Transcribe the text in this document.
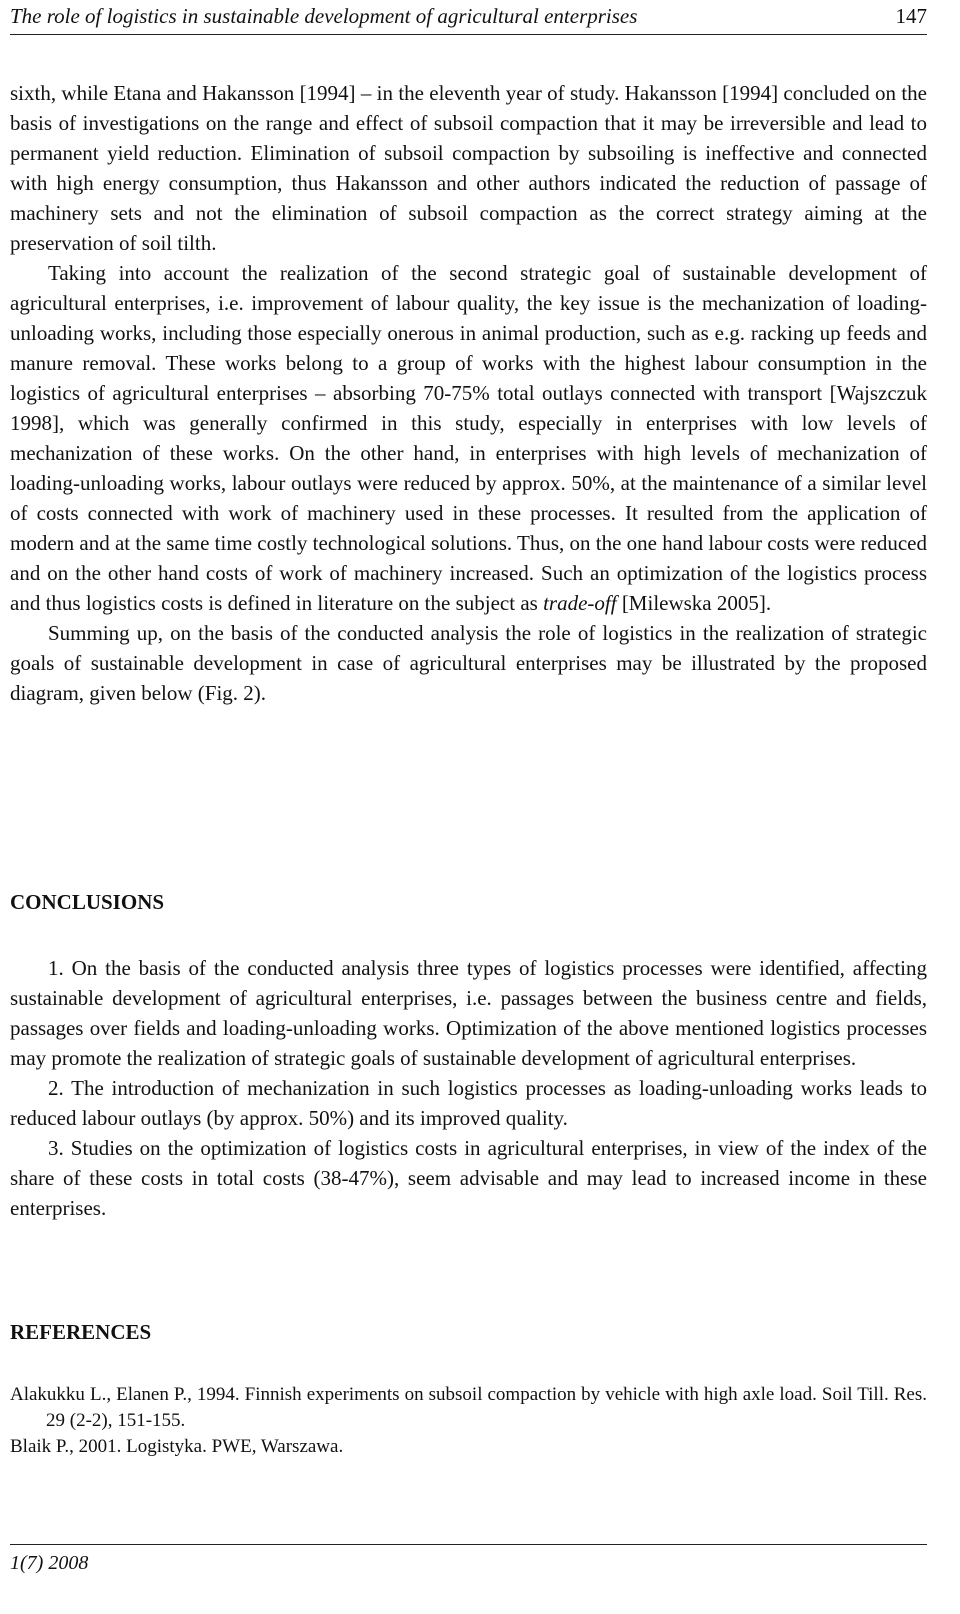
The role of logistics in sustainable development of agricultural enterprises	147

sixth, while Etana and Hakansson [1994] – in the eleventh year of study. Hakansson [1994] concluded on the basis of investigations on the range and effect of subsoil compaction that it may be irreversible and lead to permanent yield reduction. Elimination of subsoil compaction by subsoiling is ineffective and connected with high energy consumption, thus Hakansson and other authors indicated the reduction of passage of machinery sets and not the elimination of subsoil compaction as the correct strategy aiming at the preservation of soil tilth.

Taking into account the realization of the second strategic goal of sustainable development of agricultural enterprises, i.e. improvement of labour quality, the key issue is the mechanization of loading-unloading works, including those especially onerous in animal production, such as e.g. racking up feeds and manure removal. These works belong to a group of works with the highest labour consumption in the logistics of agricultural enterprises – absorbing 70-75% total outlays connected with transport [Wajszczuk 1998], which was generally confirmed in this study, especially in enterprises with low levels of mechanization of these works. On the other hand, in enterprises with high levels of mechanization of loading-unloading works, labour outlays were reduced by approx. 50%, at the maintenance of a similar level of costs connected with work of machinery used in these processes. It resulted from the application of modern and at the same time costly technological solutions. Thus, on the one hand labour costs were reduced and on the other hand costs of work of machinery increased. Such an optimization of the logistics process and thus logistics costs is defined in literature on the subject as trade-off [Milewska 2005].

Summing up, on the basis of the conducted analysis the role of logistics in the realization of strategic goals of sustainable development in case of agricultural enterprises may be illustrated by the proposed diagram, given below (Fig. 2).

CONCLUSIONS

1. On the basis of the conducted analysis three types of logistics processes were identified, affecting sustainable development of agricultural enterprises, i.e. passages between the business centre and fields, passages over fields and loading-unloading works. Optimization of the above mentioned logistics processes may promote the realization of strategic goals of sustainable development of agricultural enterprises.

2. The introduction of mechanization in such logistics processes as loading-unloading works leads to reduced labour outlays (by approx. 50%) and its improved quality.

3. Studies on the optimization of logistics costs in agricultural enterprises, in view of the index of the share of these costs in total costs (38-47%), seem advisable and may lead to increased income in these enterprises.

REFERENCES

Alakukku L., Elanen P., 1994. Finnish experiments on subsoil compaction by vehicle with high axle load. Soil Till. Res. 29 (2-2), 151-155.

Blaik P., 2001. Logistyka. PWE, Warszawa.

1(7) 2008
